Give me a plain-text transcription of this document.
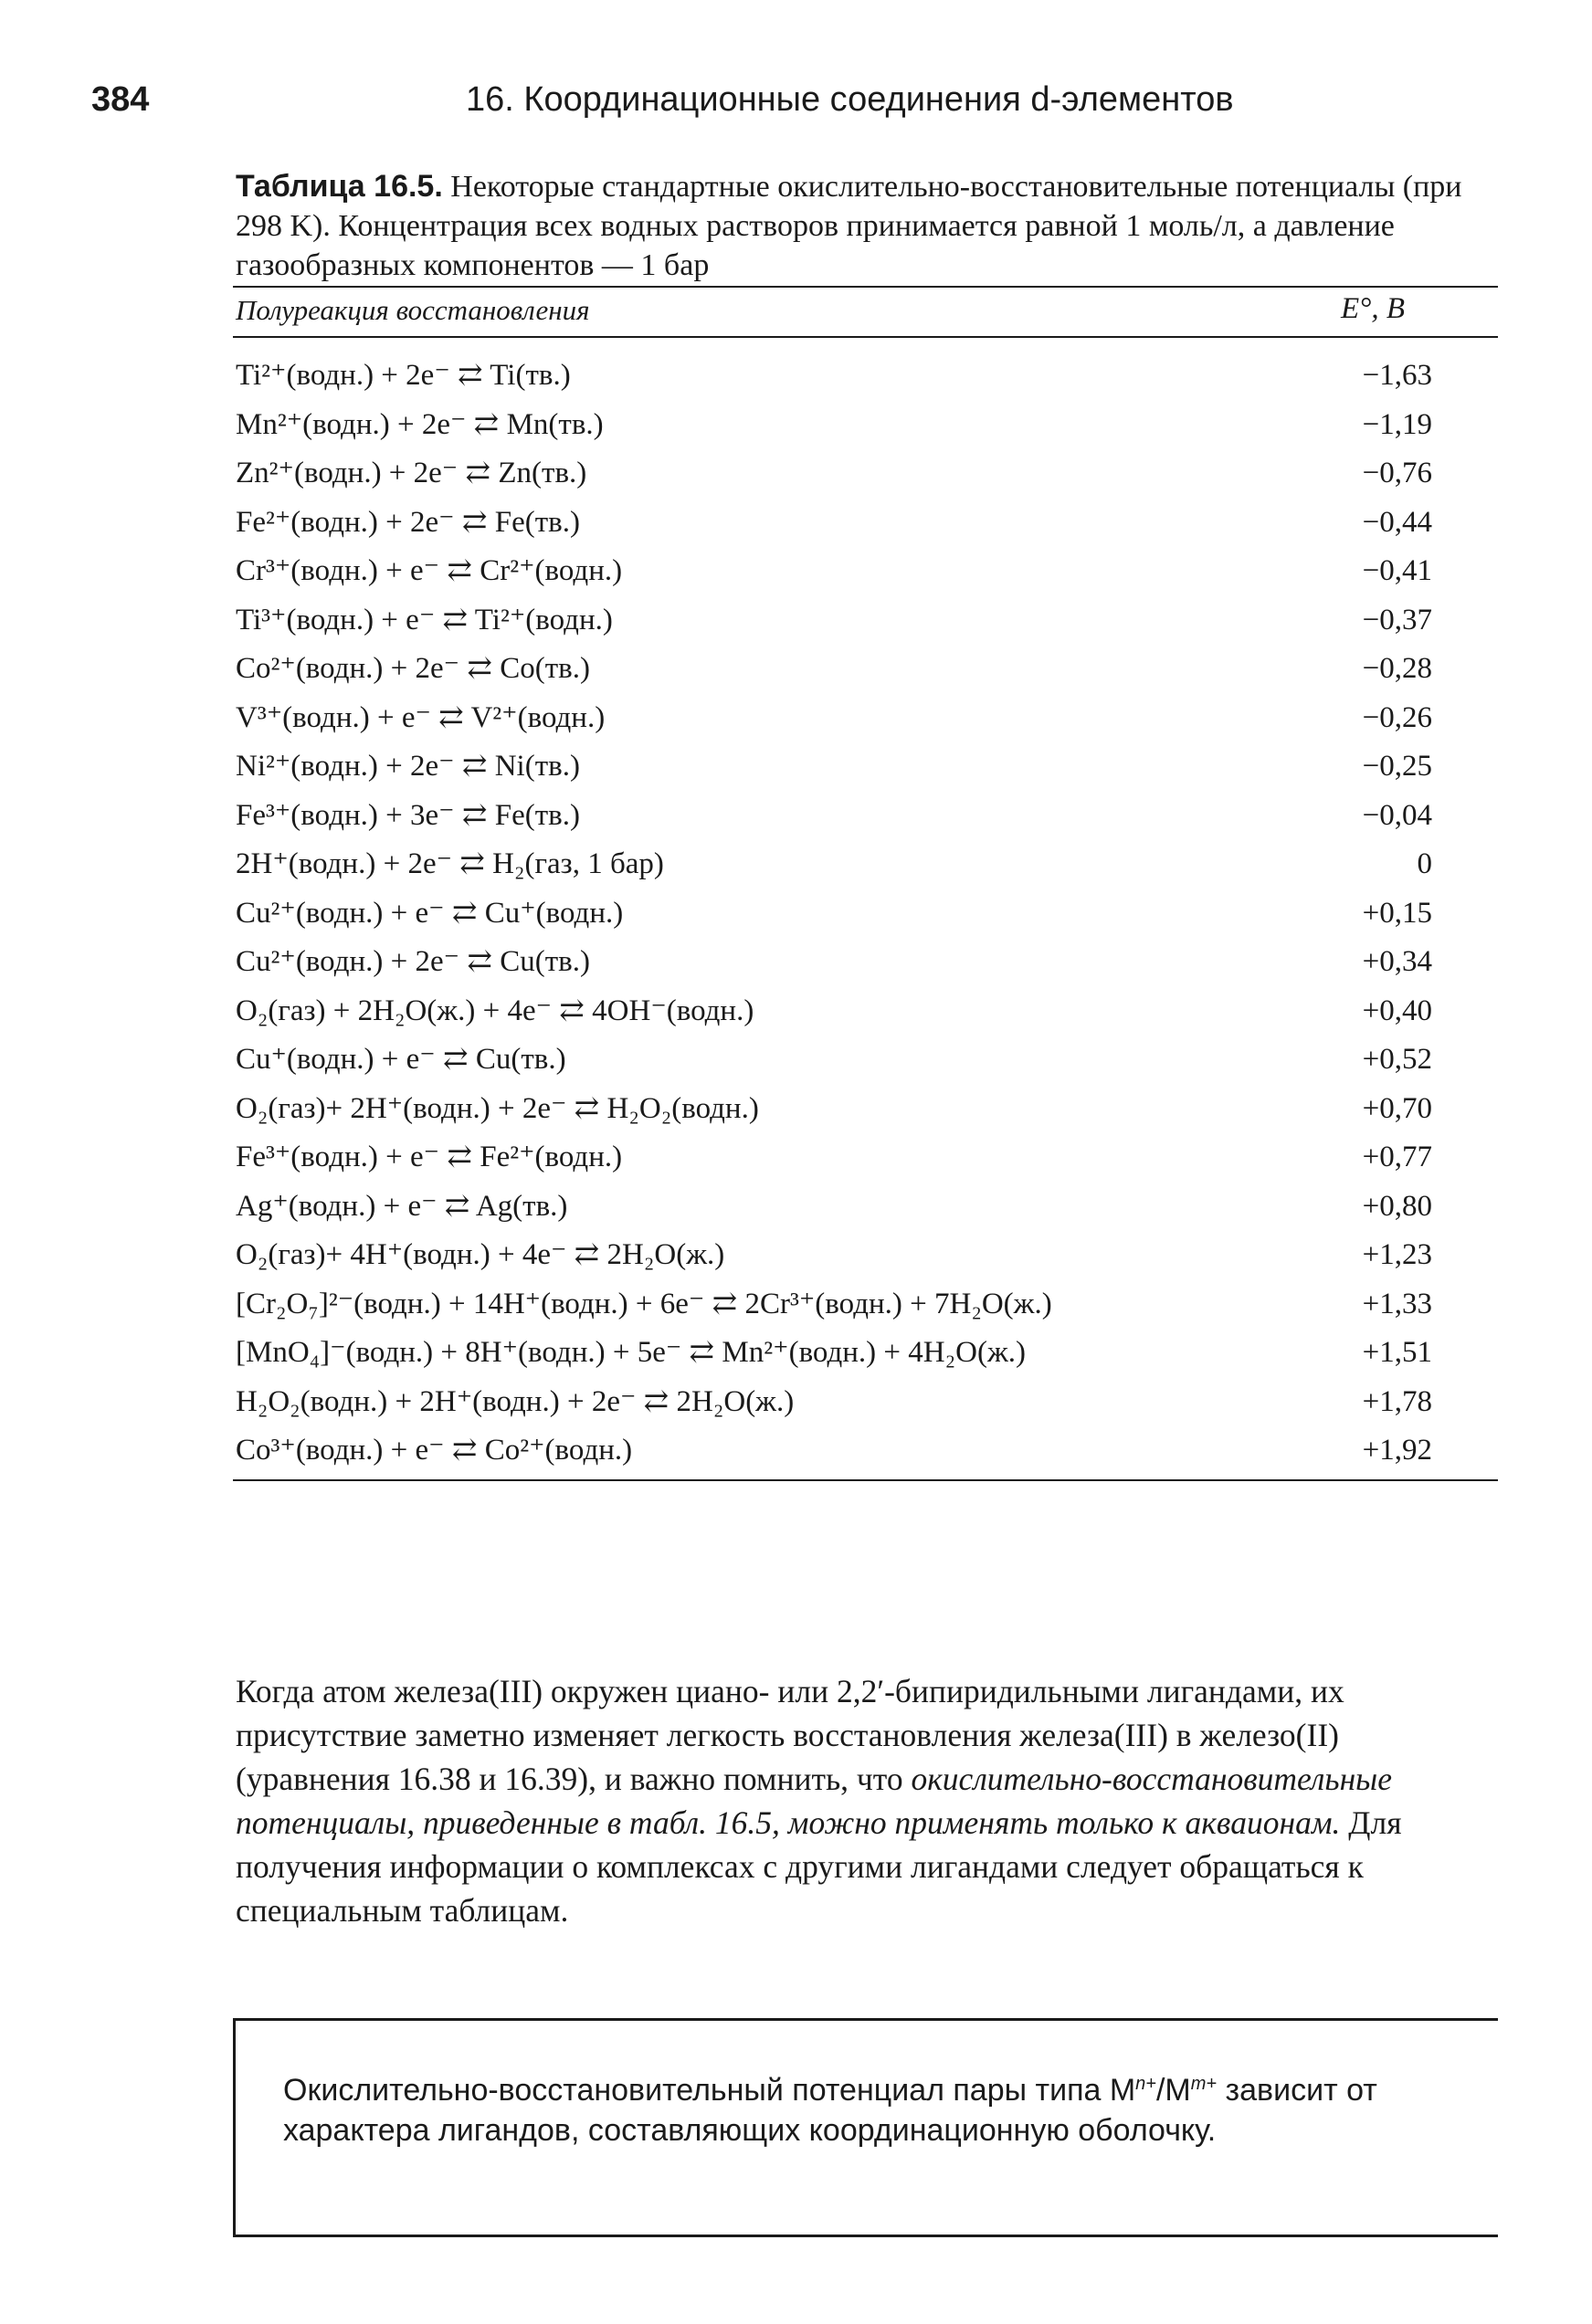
384	16. Координационные соединения d-элементов
Таблица 16.5. Некоторые стандартные окислительно-восстановительные потенциалы (при 298 K). Концентрация всех водных растворов принимается равной 1 моль/л, а давление газообразных компонентов — 1 бар
Полуреакция восстановления	E°, B
Ti²⁺(водн.) + 2e⁻ ⇄ Ti(тв.)	−1,63
Mn²⁺(водн.) + 2e⁻ ⇄ Mn(тв.)	−1,19
Zn²⁺(водн.) + 2e⁻ ⇄ Zn(тв.)	−0,76
Fe²⁺(водн.) + 2e⁻ ⇄ Fe(тв.)	−0,44
Cr³⁺(водн.) + e⁻ ⇄ Cr²⁺(водн.)	−0,41
Ti³⁺(водн.) + e⁻ ⇄ Ti²⁺(водн.)	−0,37
Co²⁺(водн.) + 2e⁻ ⇄ Co(тв.)	−0,28
V³⁺(водн.) + e⁻ ⇄ V²⁺(водн.)	−0,26
Ni²⁺(водн.) + 2e⁻ ⇄ Ni(тв.)	−0,25
Fe³⁺(водн.) + 3e⁻ ⇄ Fe(тв.)	−0,04
2H⁺(водн.) + 2e⁻ ⇄ H₂(газ, 1 бар)	0
Cu²⁺(водн.) + e⁻ ⇄ Cu⁺(водн.)	+0,15
Cu²⁺(водн.) + 2e⁻ ⇄ Cu(тв.)	+0,34
O₂(газ) + 2H₂O(ж.) + 4e⁻ ⇄ 4OH⁻(водн.)	+0,40
Cu⁺(водн.) + e⁻ ⇄ Cu(тв.)	+0,52
O₂(газ)+ 2H⁺(водн.) + 2e⁻ ⇄ H₂O₂(водн.)	+0,70
Fe³⁺(водн.) + e⁻ ⇄ Fe²⁺(водн.)	+0,77
Ag⁺(водн.) + e⁻ ⇄ Ag(тв.)	+0,80
O₂(газ)+ 4H⁺(водн.) + 4e⁻ ⇄ 2H₂O(ж.)	+1,23
[Cr₂O₇]²⁻(водн.) + 14H⁺(водн.) + 6e⁻ ⇄ 2Cr³⁺(водн.) + 7H₂O(ж.)	+1,33
[MnO₄]⁻(водн.) + 8H⁺(водн.) + 5e⁻ ⇄ Mn²⁺(водн.) + 4H₂O(ж.)	+1,51
H₂O₂(водн.) + 2H⁺(водн.) + 2e⁻ ⇄ 2H₂O(ж.)	+1,78
Co³⁺(водн.) + e⁻ ⇄ Co²⁺(водн.)	+1,92
Когда атом железа(III) окружен циано- или 2,2′-бипиридильными лигандами, их присутствие заметно изменяет легкость восстановления железа(III) в железо(II) (уравнения 16.38 и 16.39), и важно помнить, что окислительно-восстановительные потенциалы, приведенные в табл. 16.5, можно применять только к аквaионам. Для получения информации о комплексах с другими лигандами следует обращаться к специальным таблицам.
Окислительно-восстановительный потенциал пары типа $M^{n+}/M^{m+}$ зависит от характера лигандов, составляющих координационную оболочку.
